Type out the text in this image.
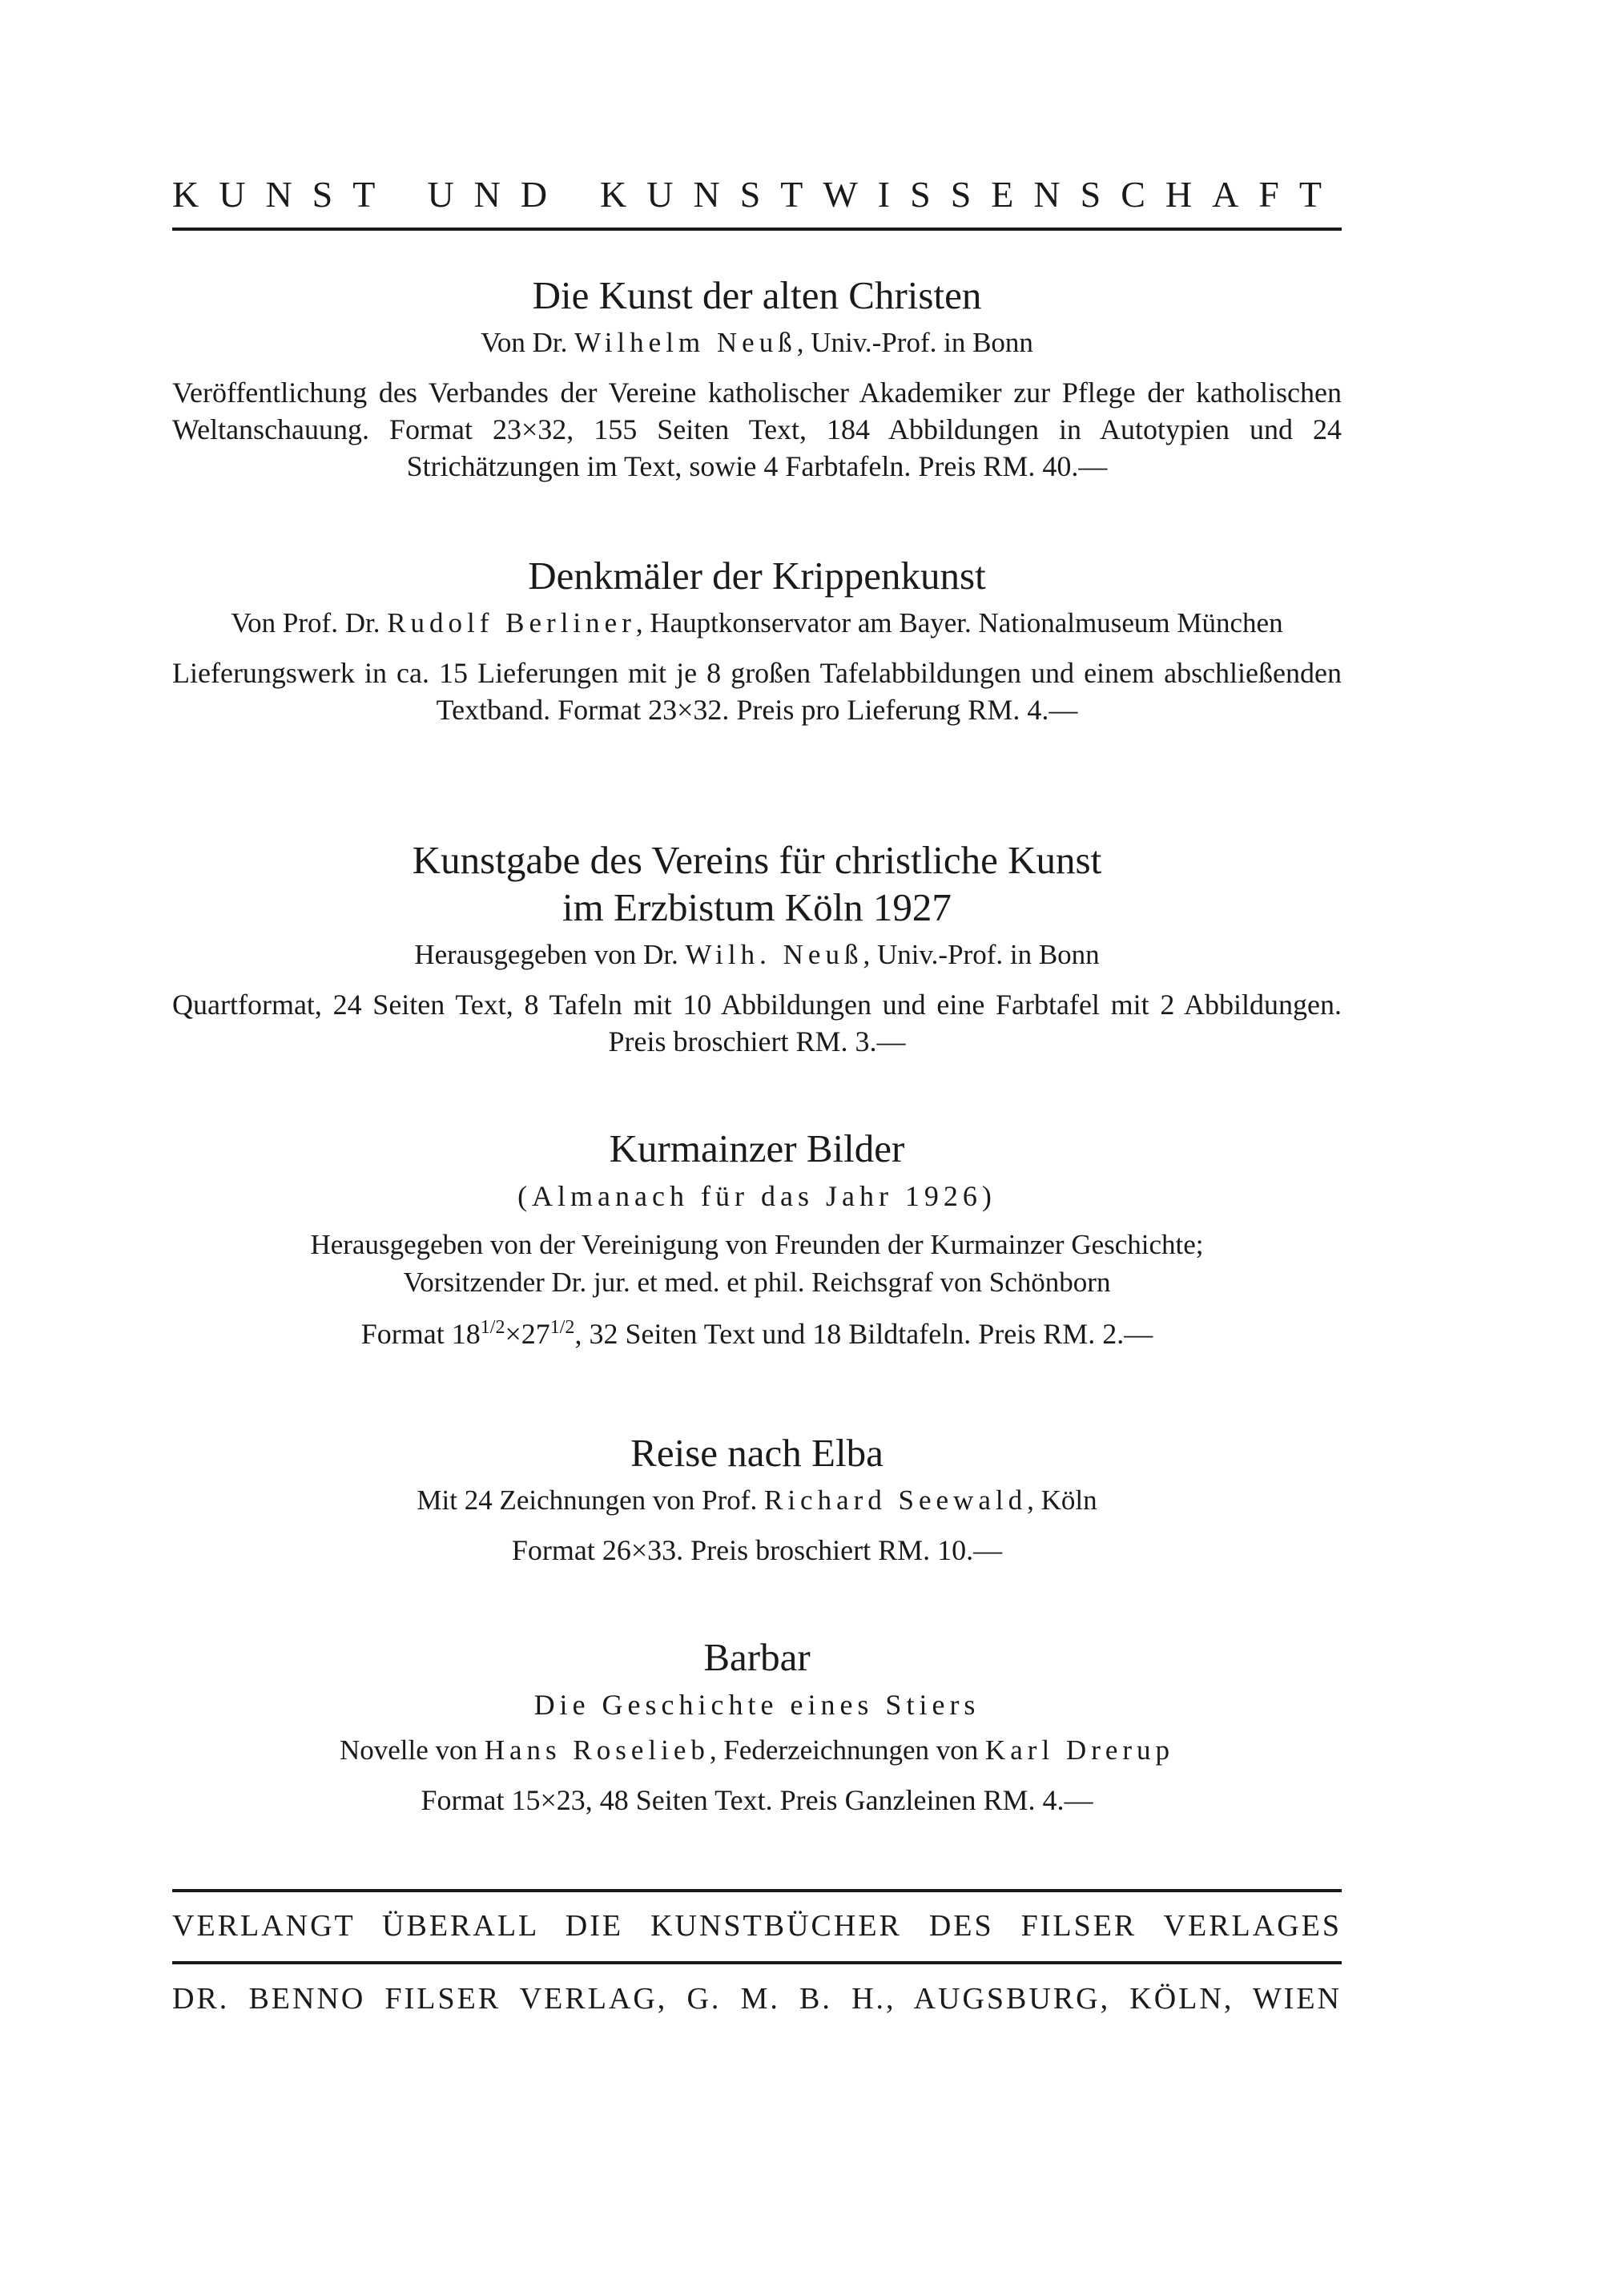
KUNST UND KUNSTWISSENSCHAFT
Die Kunst der alten Christen
Von Dr. Wilhelm Neuß, Univ.-Prof. in Bonn
Veröffentlichung des Verbandes der Vereine katholischer Akademiker zur Pflege der katholischen Weltanschauung. Format 23×32, 155 Seiten Text, 184 Abbildungen in Autotypien und 24 Strichätzungen im Text, sowie 4 Farbtafeln. Preis RM. 40.—
Denkmäler der Krippenkunst
Von Prof. Dr. Rudolf Berliner, Hauptkonservator am Bayer. Nationalmuseum München
Lieferungswerk in ca. 15 Lieferungen mit je 8 großen Tafelabbildungen und einem abschließenden Textband. Format 23×32. Preis pro Lieferung RM. 4.—
Kunstgabe des Vereins für christliche Kunst
im Erzbistum Köln 1927
Herausgegeben von Dr. Wilh. Neuß, Univ.-Prof. in Bonn
Quartformat, 24 Seiten Text, 8 Tafeln mit 10 Abbildungen und eine Farbtafel mit 2 Abbildungen. Preis broschiert RM. 3.—
Kurmainzer Bilder
(Almanach für das Jahr 1926)
Herausgegeben von der Vereinigung von Freunden der Kurmainzer Geschichte;
Vorsitzender Dr. jur. et med. et phil. Reichsgraf von Schönborn
Format $18^{1/2}\times 27^{1/2}$, 32 Seiten Text und 18 Bildtafeln. Preis RM. 2.—
Reise nach Elba
Mit 24 Zeichnungen von Prof. Richard Seewald, Köln
Format 26×33. Preis broschiert RM. 10.—
Barbar
Die Geschichte eines Stiers
Novelle von Hans Roselieb, Federzeichnungen von Karl Drerup
Format 15×23, 48 Seiten Text. Preis Ganzleinen RM. 4.—
VERLANGT ÜBERALL DIE KUNSTBÜCHER DES FILSER VERLAGES
DR. BENNO FILSER VERLAG, G. M. B. H., AUGSBURG, KÖLN, WIEN
